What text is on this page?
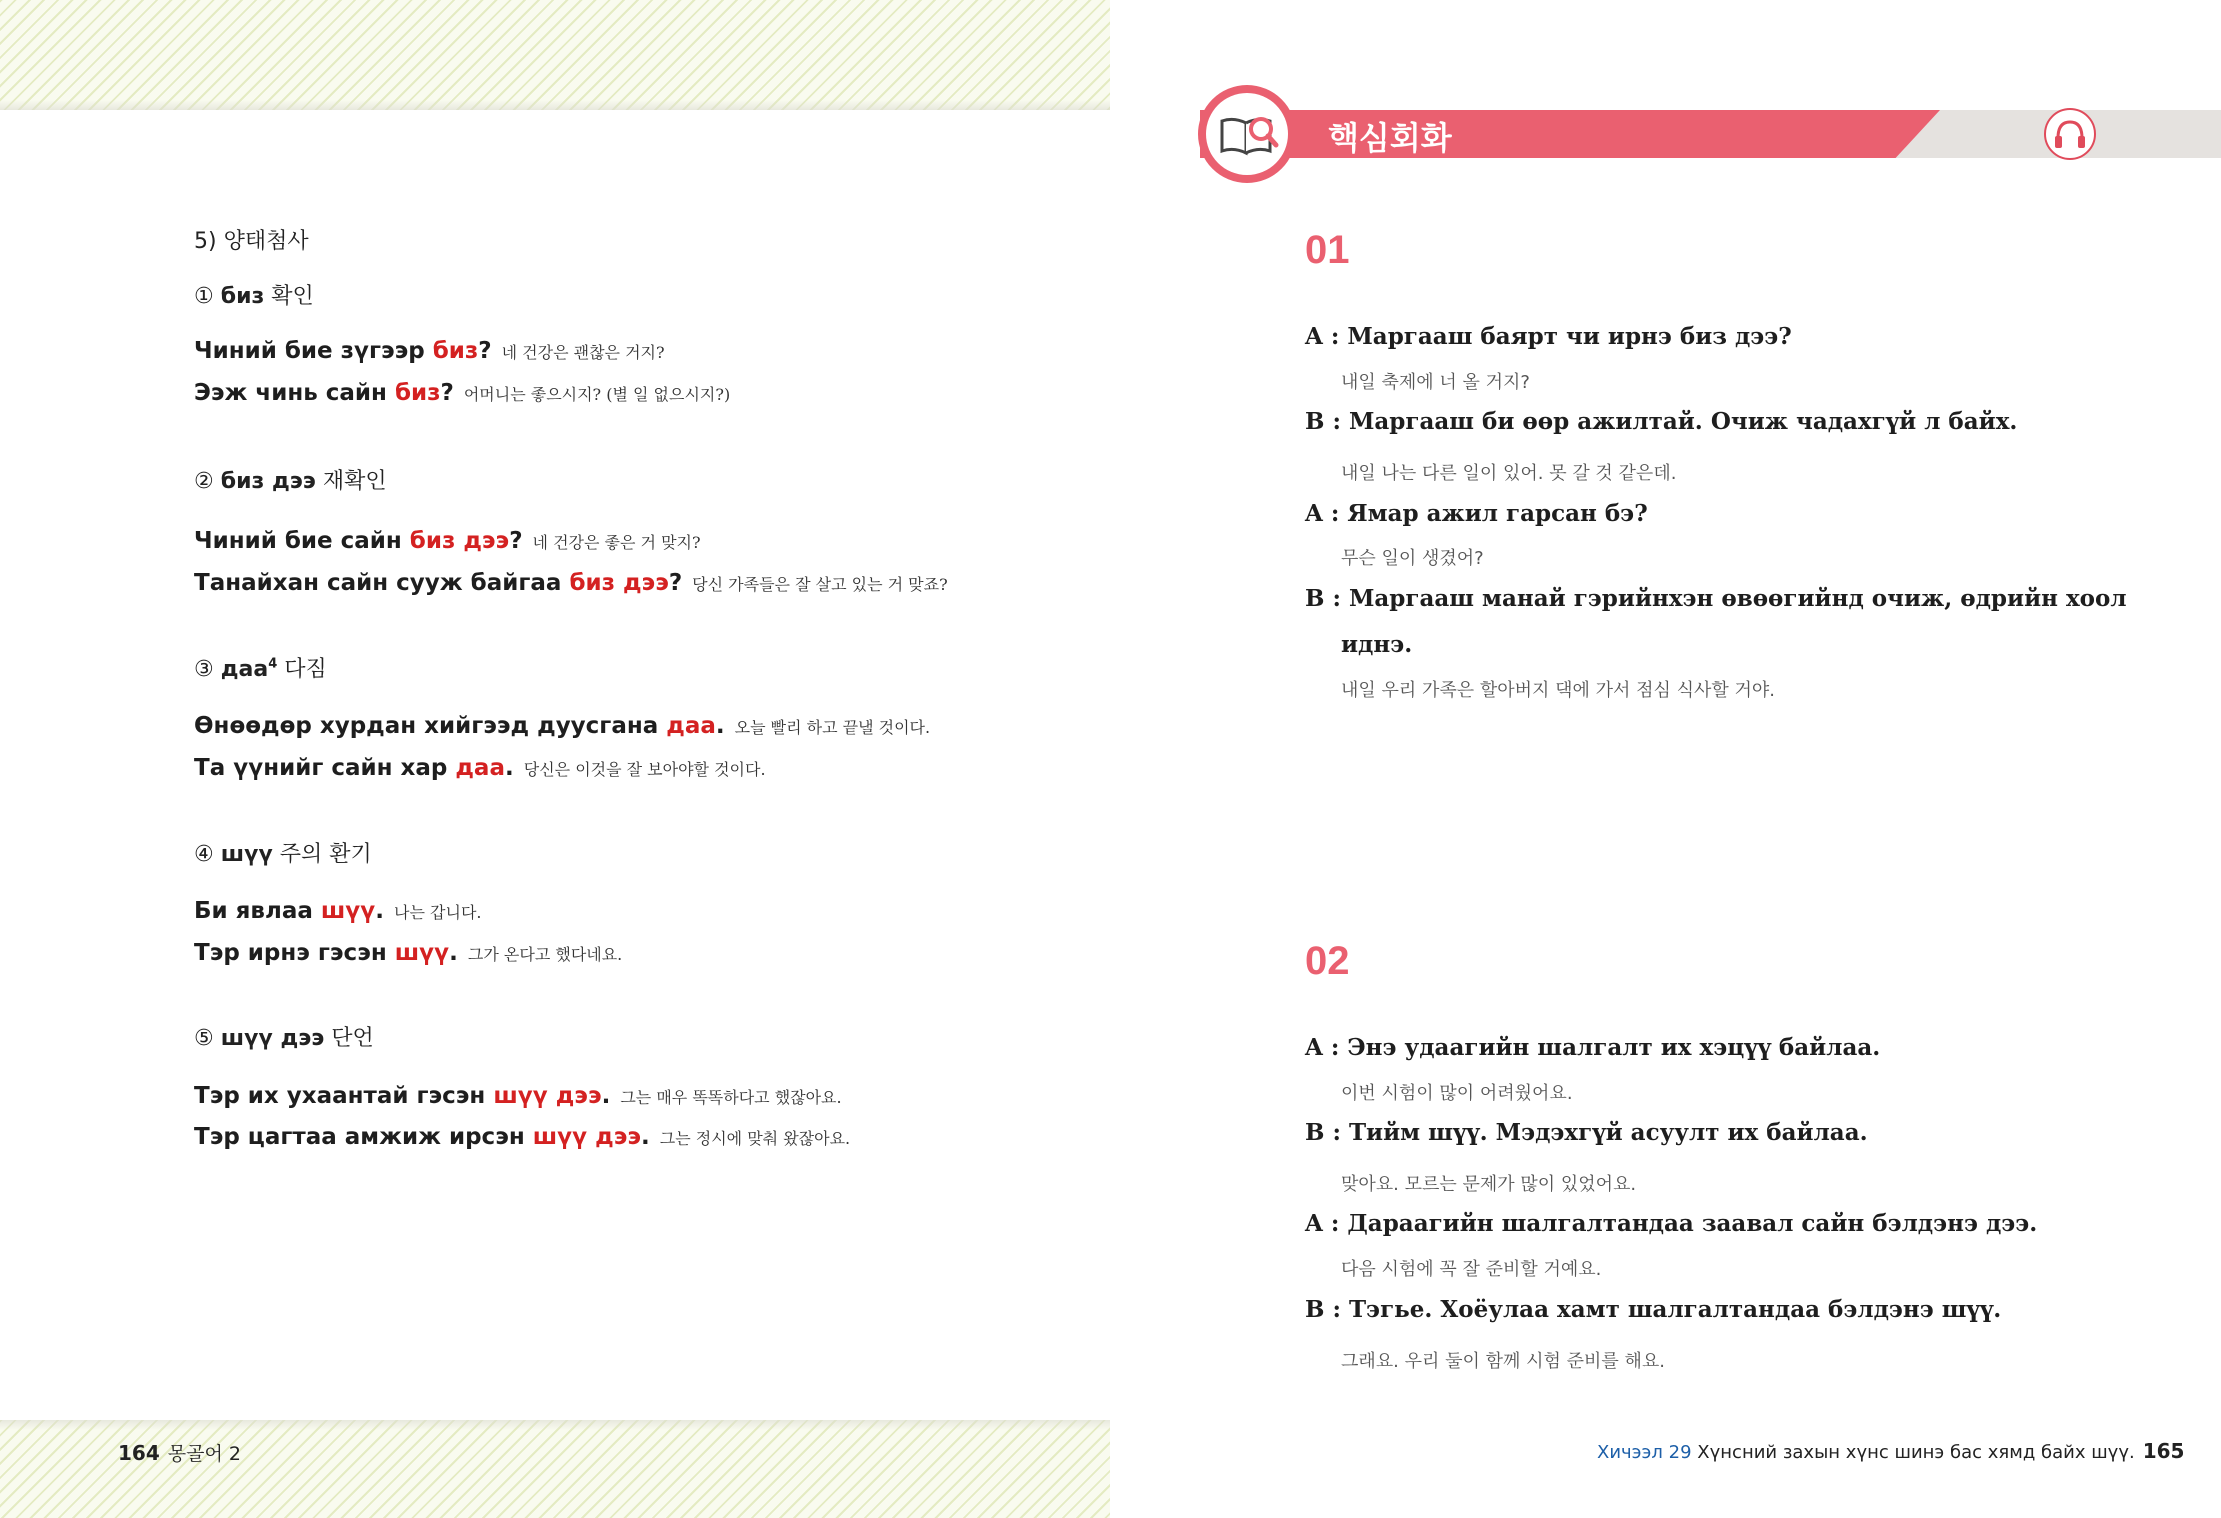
5) 양태첨사
① биз 확인
Чиний бие зүгээр биз? 네 건강은 괜찮은 거지?
Ээж чинь сайн биз? 어머니는 좋으시지? (별 일 없으시지?)
② биз дээ 재확인
Чиний бие сайн биз дээ? 네 건강은 좋은 거 맞지?
Танайхан сайн сууж байгаа биз дээ? 당신 가족들은 잘 살고 있는 거 맞죠?
③ даа$^4$ 다짐
Өнөөдөр хурдан хийгээд дуусгана даа. 오늘 빨리 하고 끝낼 것이다.
Та үүнийг сайн хар даа. 당신은 이것을 잘 보아야할 것이다.
④ шүү 주의 환기
Би явлаа шүү. 나는 갑니다.
Тэр ирнэ гэсэн шүү. 그가 온다고 했다네요.
⑤ шүү дээ 단언
Тэр их ухаантай гэсэн шүү дээ. 그는 매우 똑똑하다고 했잖아요.
Тэр цагтаа амжиж ирсэн шүү дээ. 그는 정시에 맞춰 왔잖아요.
164 몽골어 2
핵심회화
01
A : Маргааш баярт чи ирнэ биз дээ?
내일 축제에 너 올 거지?
B : Маргааш би өөр ажилтай. Очиж чадахгүй л байх.
내일 나는 다른 일이 있어. 못 갈 것 같은데.
A : Ямар ажил гарсан бэ?
무슨 일이 생겼어?
B : Маргааш манай гэрийнхэн өвөөгийнд очиж, өдрийн хоол
иднэ.
내일 우리 가족은 할아버지 댁에 가서 점심 식사할 거야.
02
A : Энэ удаагийн шалгалт их хэцүү байлаа.
이번 시험이 많이 어려웠어요.
B : Тийм шүү. Мэдэхгүй асуулт их байлаа.
맞아요. 모르는 문제가 많이 있었어요.
A : Дараагийн шалгалтандаа заавал сайн бэлдэнэ дээ.
다음 시험에 꼭 잘 준비할 거예요.
B : Тэгье. Хоёулаа хамт шалгалтандаа бэлдэнэ шүү.
그래요. 우리 둘이 함께 시험 준비를 해요.
Хичээл 29 Хүнсний захын хүнс шинэ бас хямд байх шүү. 165
